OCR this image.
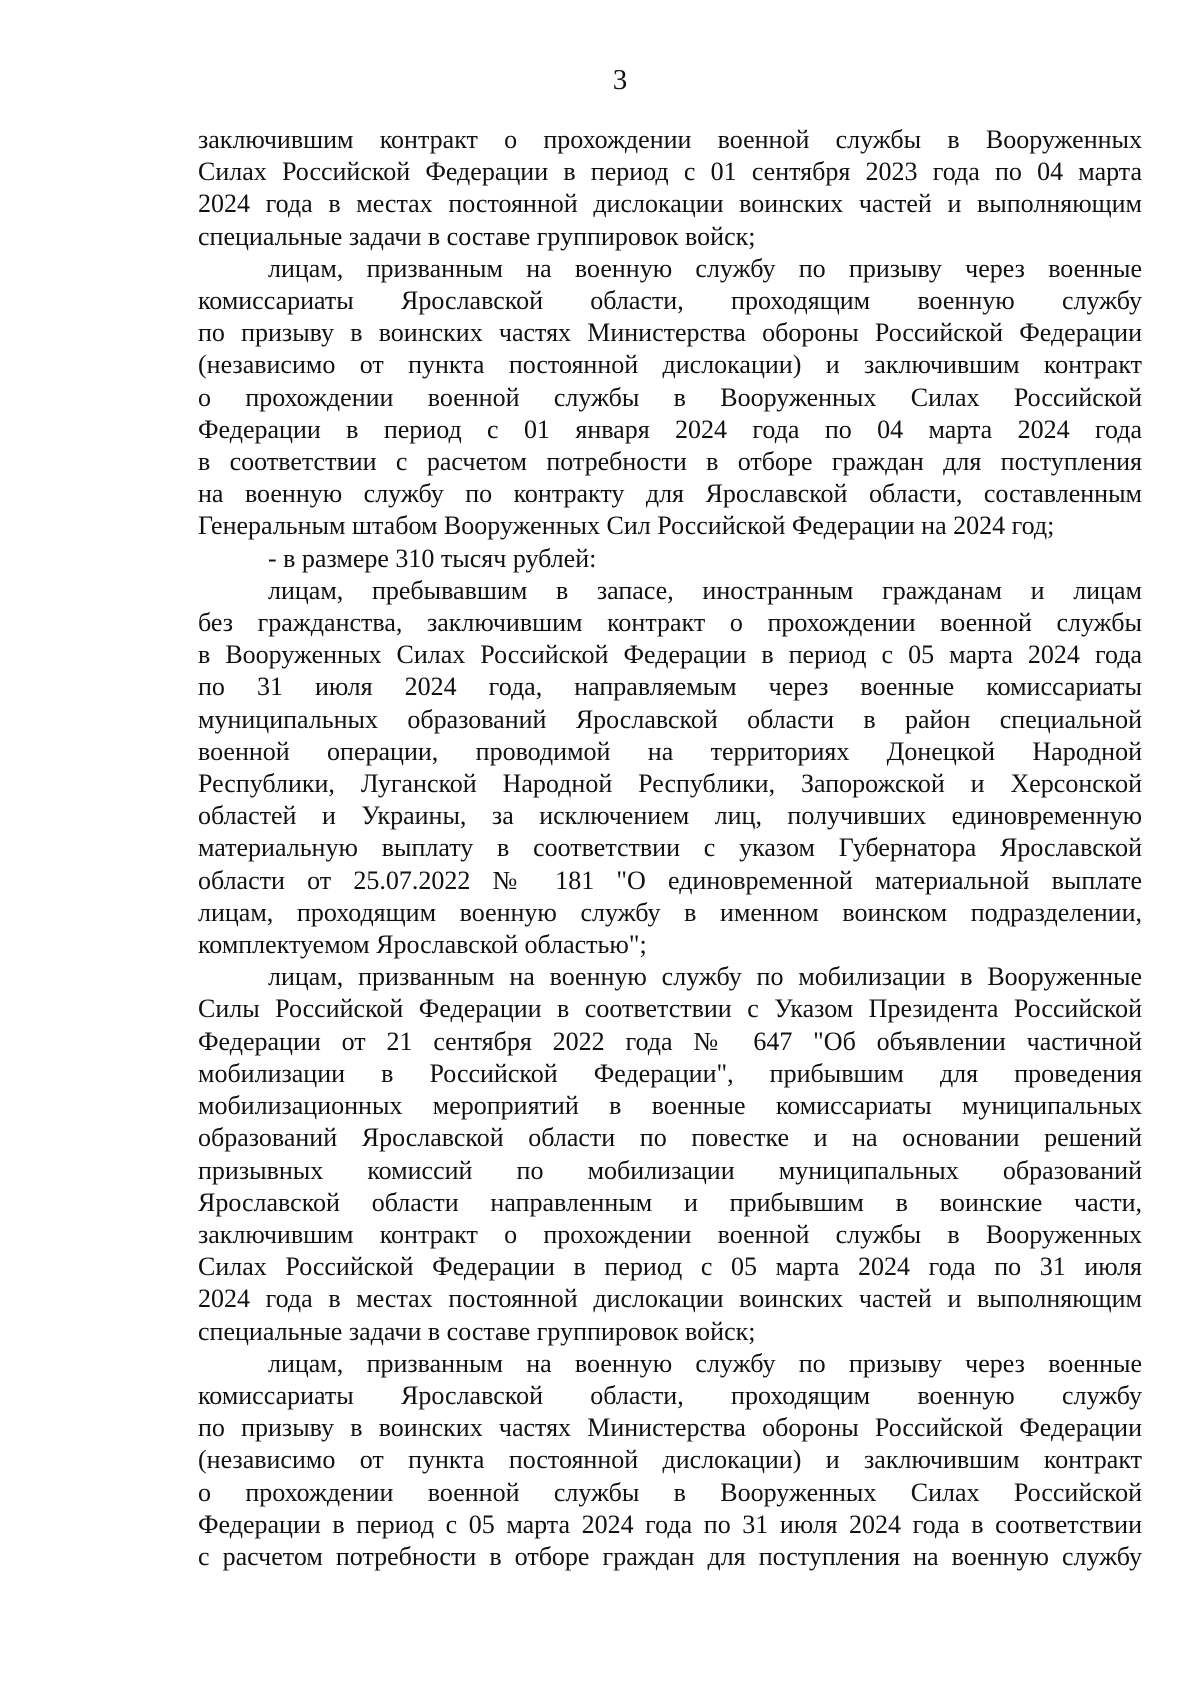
3
заключившим контракт о прохождении военной службы в Вооруженных
Силах Российской Федерации в период с 01 сентября 2023 года по 04 марта
2024 года в местах постоянной дислокации воинских частей и выполняющим
специальные задачи в составе группировок войск;
лицам, призванным на военную службу по призыву через военные
комиссариаты Ярославской области, проходящим военную службу
по призыву в воинских частях Министерства обороны Российской Федерации
(независимо от пункта постоянной дислокации) и заключившим контракт
о прохождении военной службы в Вооруженных Силах Российской
Федерации в период с 01 января 2024 года по 04 марта 2024 года
в соответствии с расчетом потребности в отборе граждан для поступления
на военную службу по контракту для Ярославской области, составленным
Генеральным штабом Вооруженных Сил Российской Федерации на 2024 год;
- в размере 310 тысяч рублей:
лицам, пребывавшим в запасе, иностранным гражданам и лицам
без гражданства, заключившим контракт о прохождении военной службы
в Вооруженных Силах Российской Федерации в период с 05 марта 2024 года
по 31 июля 2024 года, направляемым через военные комиссариаты
муниципальных образований Ярославской области в район специальной
военной операции, проводимой на территориях Донецкой Народной
Республики, Луганской Народной Республики, Запорожской и Херсонской
областей и Украины, за исключением лиц, получивших единовременную
материальную выплату в соответствии с указом Губернатора Ярославской
области от 25.07.2022 № 181 "О единовременной материальной выплате
лицам, проходящим военную службу в именном воинском подразделении,
комплектуемом Ярославской областью";
лицам, призванным на военную службу по мобилизации в Вооруженные
Силы Российской Федерации в соответствии с Указом Президента Российской
Федерации от 21 сентября 2022 года № 647 "Об объявлении частичной
мобилизации в Российской Федерации", прибывшим для проведения
мобилизационных мероприятий в военные комиссариаты муниципальных
образований Ярославской области по повестке и на основании решений
призывных комиссий по мобилизации муниципальных образований
Ярославской области направленным и прибывшим в воинские части,
заключившим контракт о прохождении военной службы в Вооруженных
Силах Российской Федерации в период с 05 марта 2024 года по 31 июля
2024 года в местах постоянной дислокации воинских частей и выполняющим
специальные задачи в составе группировок войск;
лицам, призванным на военную службу по призыву через военные
комиссариаты Ярославской области, проходящим военную службу
по призыву в воинских частях Министерства обороны Российской Федерации
(независимо от пункта постоянной дислокации) и заключившим контракт
о прохождении военной службы в Вооруженных Силах Российской
Федерации в период с 05 марта 2024 года по 31 июля 2024 года в соответствии
с расчетом потребности в отборе граждан для поступления на военную службу
